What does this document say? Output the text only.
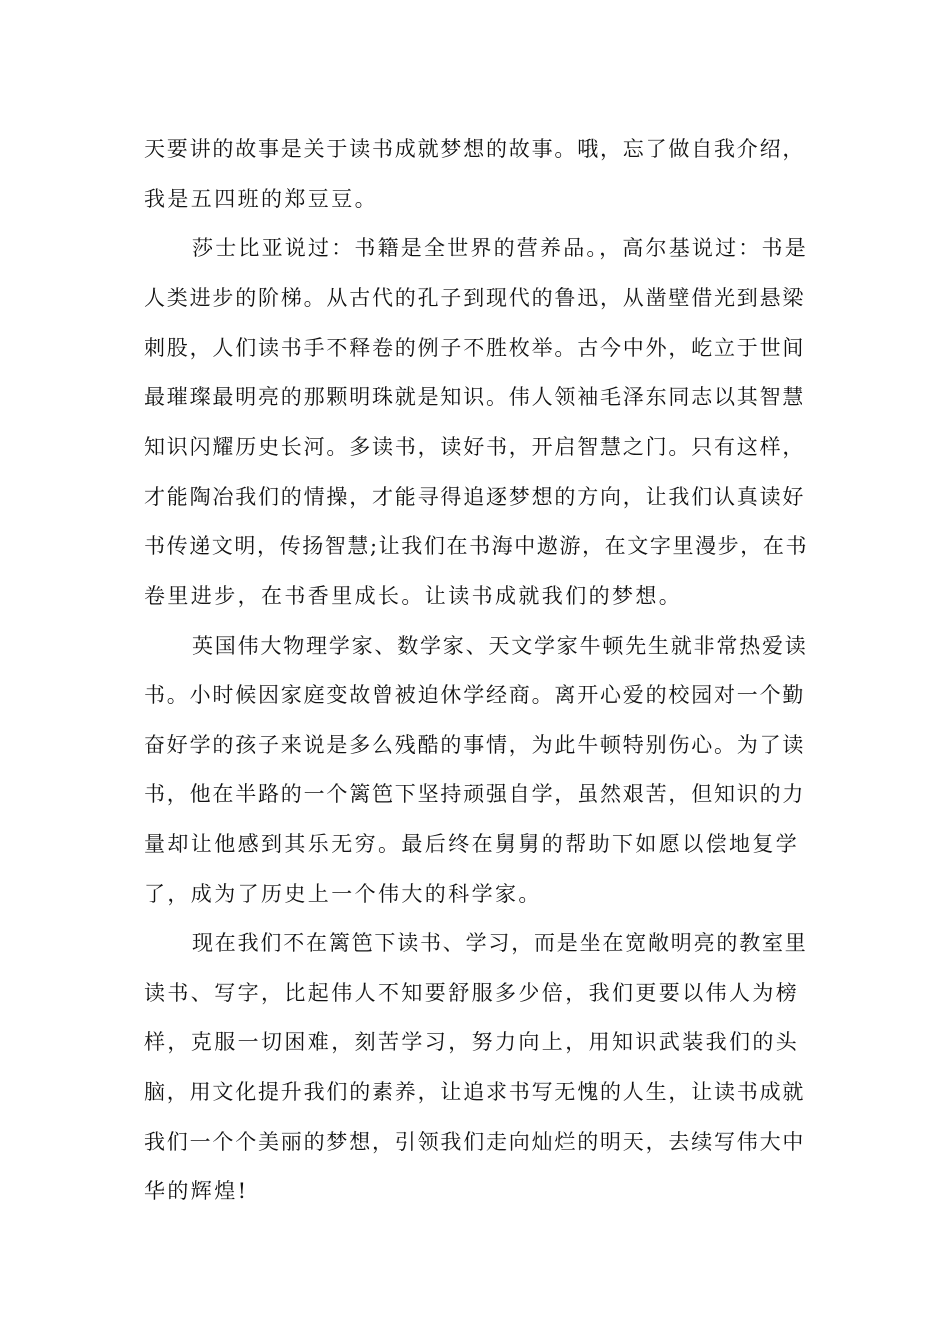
天要讲的故事是关于读书成就梦想的故事。哦，忘了做自我介绍，
我是五四班的郑豆豆。
莎士比亚说过：书籍是全世界的营养品。，高尔基说过：书是
人类进步的阶梯。从古代的孔子到现代的鲁迅，从凿壁借光到悬梁
刺股，人们读书手不释卷的例子不胜枚举。古今中外，屹立于世间
最璀璨最明亮的那颗明珠就是知识。伟人领袖毛泽东同志以其智慧
知识闪耀历史长河。多读书，读好书，开启智慧之门。只有这样，
才能陶冶我们的情操，才能寻得追逐梦想的方向，让我们认真读好
书传递文明，传扬智慧;让我们在书海中遨游，在文字里漫步，在书
卷里进步，在书香里成长。让读书成就我们的梦想。
英国伟大物理学家、数学家、天文学家牛顿先生就非常热爱读
书。小时候因家庭变故曾被迫休学经商。离开心爱的校园对一个勤
奋好学的孩子来说是多么残酷的事情，为此牛顿特别伤心。为了读
书，他在半路的一个篱笆下坚持顽强自学，虽然艰苦，但知识的力
量却让他感到其乐无穷。最后终在舅舅的帮助下如愿以偿地复学
了，成为了历史上一个伟大的科学家。
现在我们不在篱笆下读书、学习，而是坐在宽敞明亮的教室里
读书、写字，比起伟人不知要舒服多少倍，我们更要以伟人为榜
样，克服一切困难，刻苦学习，努力向上，用知识武装我们的头
脑，用文化提升我们的素养，让追求书写无愧的人生，让读书成就
我们一个个美丽的梦想，引领我们走向灿烂的明天，去续写伟大中
华的辉煌!
